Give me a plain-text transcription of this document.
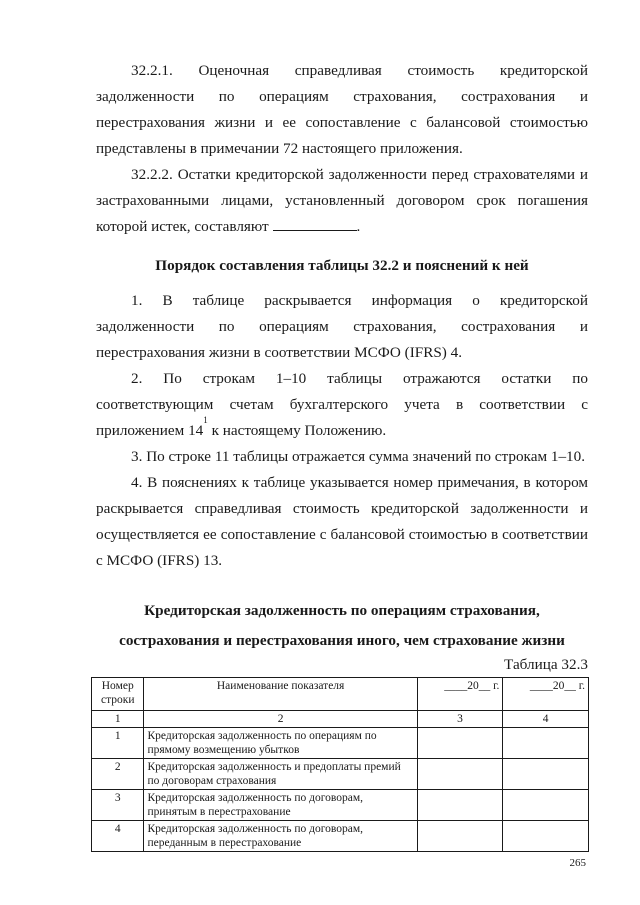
32.2.1. Оценочная справедливая стоимость кредиторской задолженности по операциям страхования, сострахования и перестрахования жизни и ее сопоставление с балансовой стоимостью представлены в примечании 72 настоящего приложения.

32.2.2. Остатки кредиторской задолженности перед страхователями и застрахованными лицами, установленный договором срок погашения которой истек, составляют	.

Порядок составления таблицы 32.2 и пояснений к ней

1. В таблице раскрывается информация о кредиторской задолженности по операциям страхования, сострахования и перестрахования жизни в соответствии МСФО (IFRS) 4.

2. По строкам 1–10 таблицы отражаются остатки по соответствующим счетам бухгалтерского учета в соответствии с приложением $14^1$ к настоящему Положению.

3. По строке 11 таблицы отражается сумма значений по строкам 1–10.

4. В пояснениях к таблице указывается номер примечания, в котором раскрывается справедливая стоимость кредиторской задолженности и осуществляется ее сопоставление с балансовой стоимостью в соответствии с МСФО (IFRS) 13.

Кредиторская задолженность по операциям страхования,

сострахования и перестрахования иного, чем страхование жизни

Таблица 32.3

Номер строки	Наименование показателя	____20__ г.	____20__ г.
1	2	3	4
1	Кредиторская задолженность по операциям по прямому возмещению убытков		
2	Кредиторская задолженность и предоплаты премий по договорам страхования		
3	Кредиторская задолженность по договорам, принятым в перестрахование		
4	Кредиторская задолженность по договорам, переданным в перестрахование		

265
